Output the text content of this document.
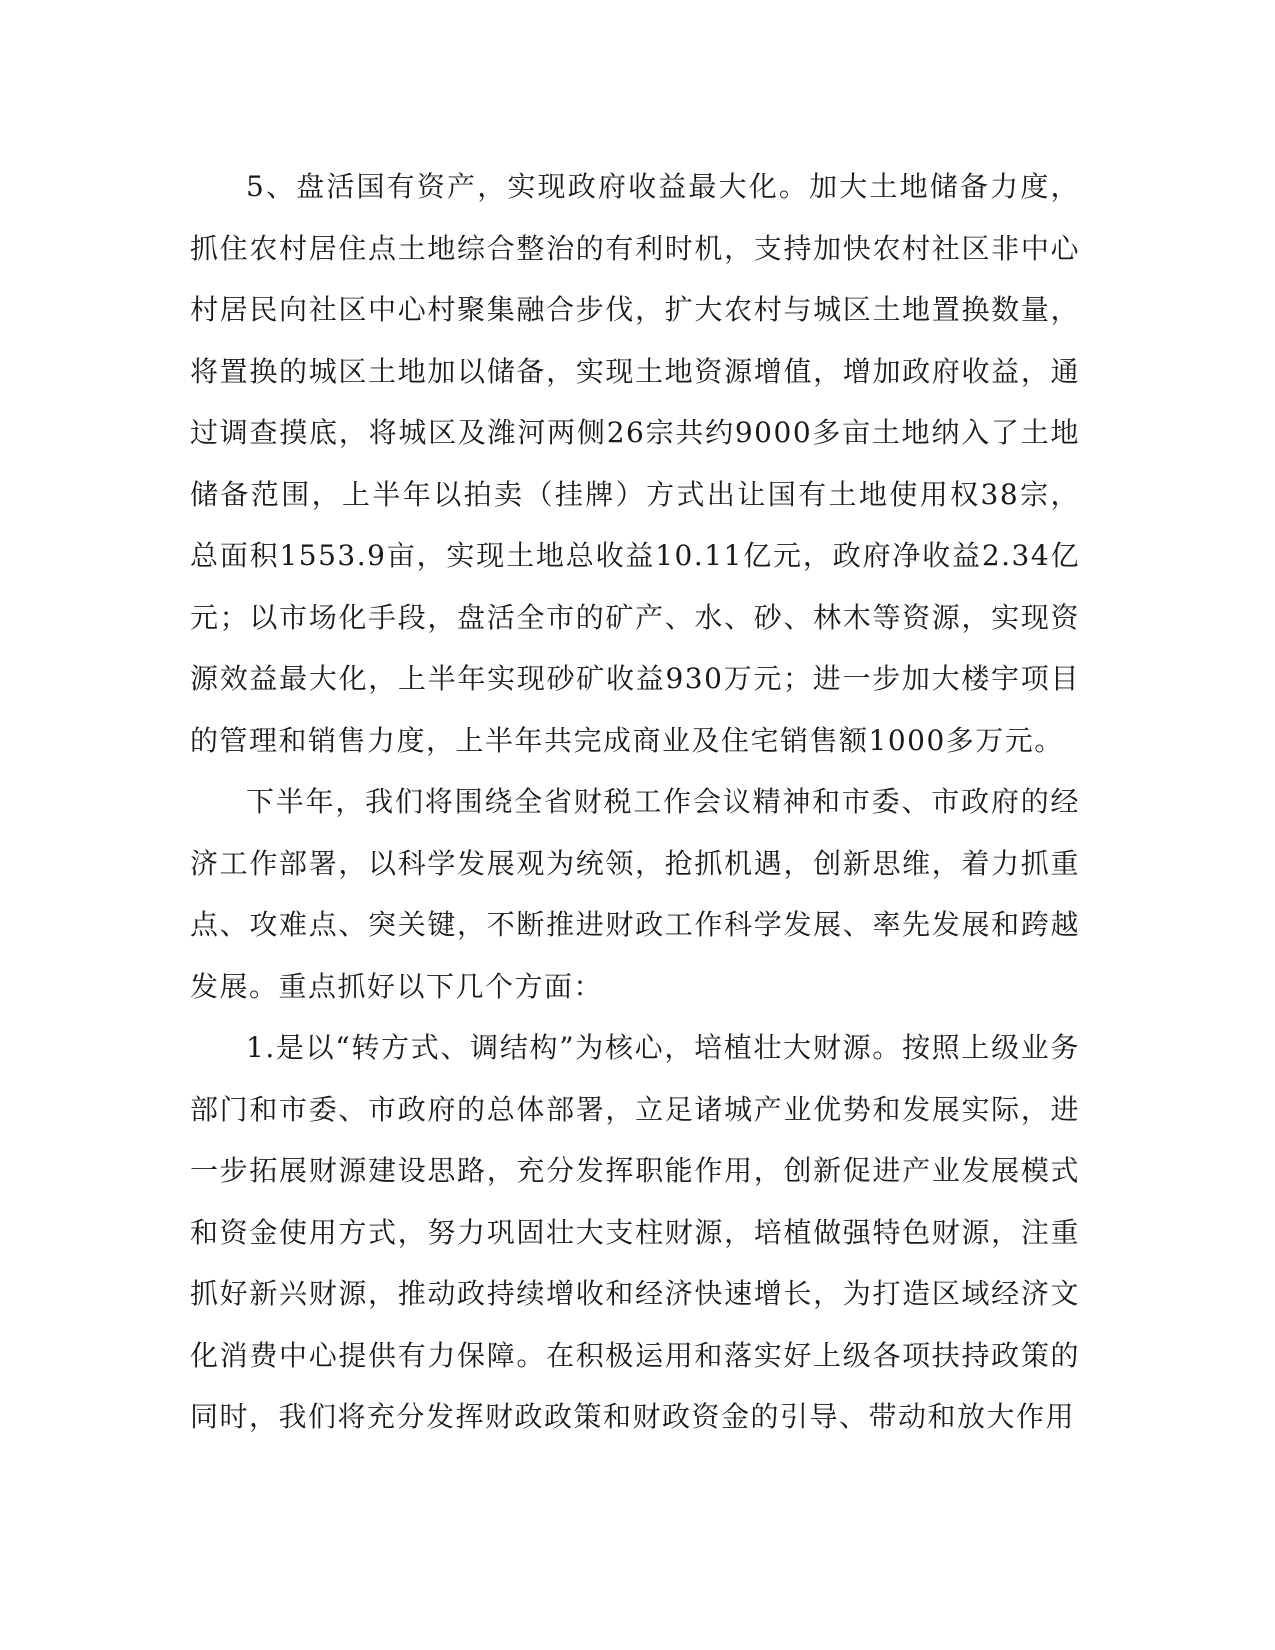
5、盘活国有资产，实现政府收益最大化。加大土地储备力度，抓住农村居住点土地综合整治的有利时机，支持加快农村社区非中心村居民向社区中心村聚集融合步伐，扩大农村与城区土地置换数量，将置换的城区土地加以储备，实现土地资源增值，增加政府收益，通过调查摸底，将城区及潍河两侧26宗共约9000多亩土地纳入了土地储备范围，上半年以拍卖（挂牌）方式出让国有土地使用权38宗，总面积1553.9亩，实现土地总收益10.11亿元，政府净收益2.34亿元；以市场化手段，盘活全市的矿产、水、砂、林木等资源，实现资源效益最大化，上半年实现砂矿收益930万元；进一步加大楼宇项目的管理和销售力度，上半年共完成商业及住宅销售额1000多万元。

下半年，我们将围绕全省财税工作会议精神和市委、市政府的经济工作部署，以科学发展观为统领，抢抓机遇，创新思维，着力抓重点、攻难点、突关键，不断推进财政工作科学发展、率先发展和跨越发展。重点抓好以下几个方面：

1.是以“转方式、调结构”为核心，培植壮大财源。按照上级业务部门和市委、市政府的总体部署，立足诸城产业优势和发展实际，进一步拓展财源建设思路，充分发挥职能作用，创新促进产业发展模式和资金使用方式，努力巩固壮大支柱财源，培植做强特色财源，注重抓好新兴财源，推动政持续增收和经济快速增长，为打造区域经济文化消费中心提供有力保障。在积极运用和落实好上级各项扶持政策的同时，我们将充分发挥财政政策和财政资金的引导、带动和放大作用
